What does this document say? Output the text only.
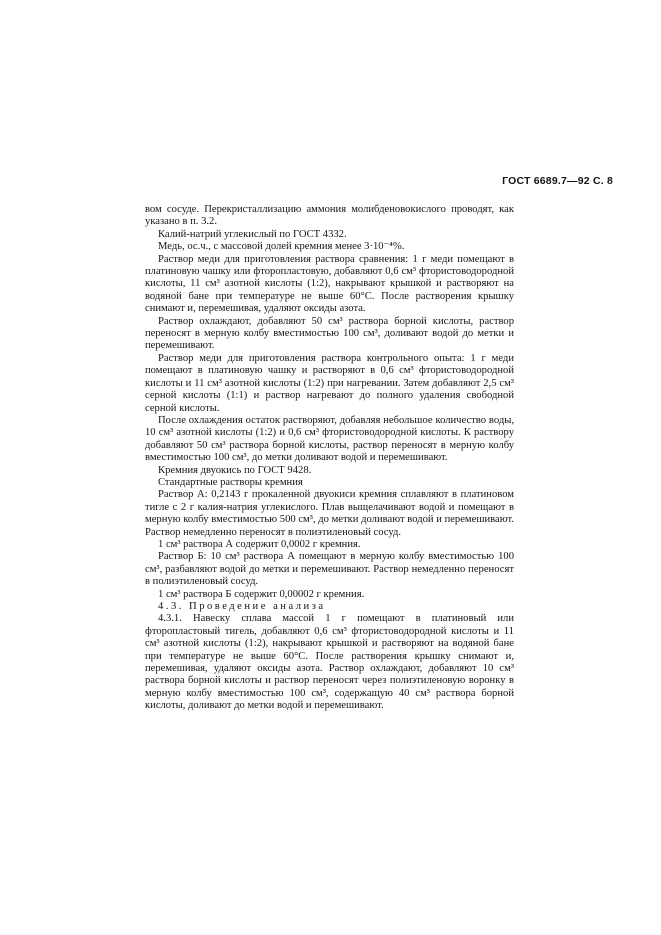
ГОСТ 6689.7—92 С. 8

вом сосуде. Перекристаллизацию аммония молибденовокислого проводят, как указано в п. 3.2.

Калий-натрий углекислый по ГОСТ 4332.

Медь, ос.ч., с массовой долей кремния менее 3·10⁻⁴%.

Раствор меди для приготовления раствора сравнения: 1 г меди помещают в платиновую чашку или фторопластовую, добавляют 0,6 см³ фтористоводородной кислоты, 11 см³ азотной кислоты (1:2), накрывают крышкой и растворяют на водяной бане при температуре не выше 60°С. После растворения крышку снимают и, перемешивая, удаляют оксиды азота.

Раствор охлаждают, добавляют 50 см³ раствора борной кислоты, раствор переносят в мерную колбу вместимостью 100 см³, доливают водой до метки и перемешивают.

Раствор меди для приготовления раствора контрольного опыта: 1 г меди помещают в платиновую чашку и растворяют в 0,6 см³ фтористоводородной кислоты и 11 см³ азотной кислоты (1:2) при нагревании. Затем добавляют 2,5 см³ серной кислоты (1:1) и раствор нагревают до полного удаления свободной серной кислоты.

После охлаждения остаток растворяют, добавляя небольшое количество воды, 10 см³ азотной кислоты (1:2) и 0,6 см³ фтористоводородной кислоты. К раствору добавляют 50 см³ раствора борной кислоты, раствор переносят в мерную колбу вместимостью 100 см³, до метки доливают водой и перемешивают.

Кремния двуокись по ГОСТ 9428.

Стандартные растворы кремния

Раствор А: 0,2143 г прокаленной двуокиси кремния сплавляют в платиновом тигле с 2 г калия-натрия углекислого. Плав выщелачивают водой и помещают в мерную колбу вместимостью 500 см³, до метки доливают водой и перемешивают. Раствор немедленно переносят в полиэтиленовый сосуд.

1 см³ раствора А содержит 0,0002 г кремния.

Раствор Б: 10 см³ раствора А помещают в мерную колбу вместимостью 100 см³, разбавляют водой до метки и перемешивают. Раствор немедленно переносят в полиэтиленовый сосуд.

1 см³ раствора Б содержит 0,00002 г кремния.

4.3. Проведение анализа

4.3.1. Навеску сплава массой 1 г помещают в платиновый или фторопластовый тигель, добавляют 0,6 см³ фтористоводородной кислоты и 11 см³ азотной кислоты (1:2), накрывают крышкой и растворяют на водяной бане при температуре не выше 60°С. После растворения крышку снимают и, перемешивая, удаляют оксиды азота. Раствор охлаждают, добавляют 10 см³ раствора борной кислоты и раствор переносят через полиэтиленовую воронку в мерную колбу вместимостью 100 см³, содержащую 40 см³ раствора борной кислоты, доливают до метки водой и перемешивают.
